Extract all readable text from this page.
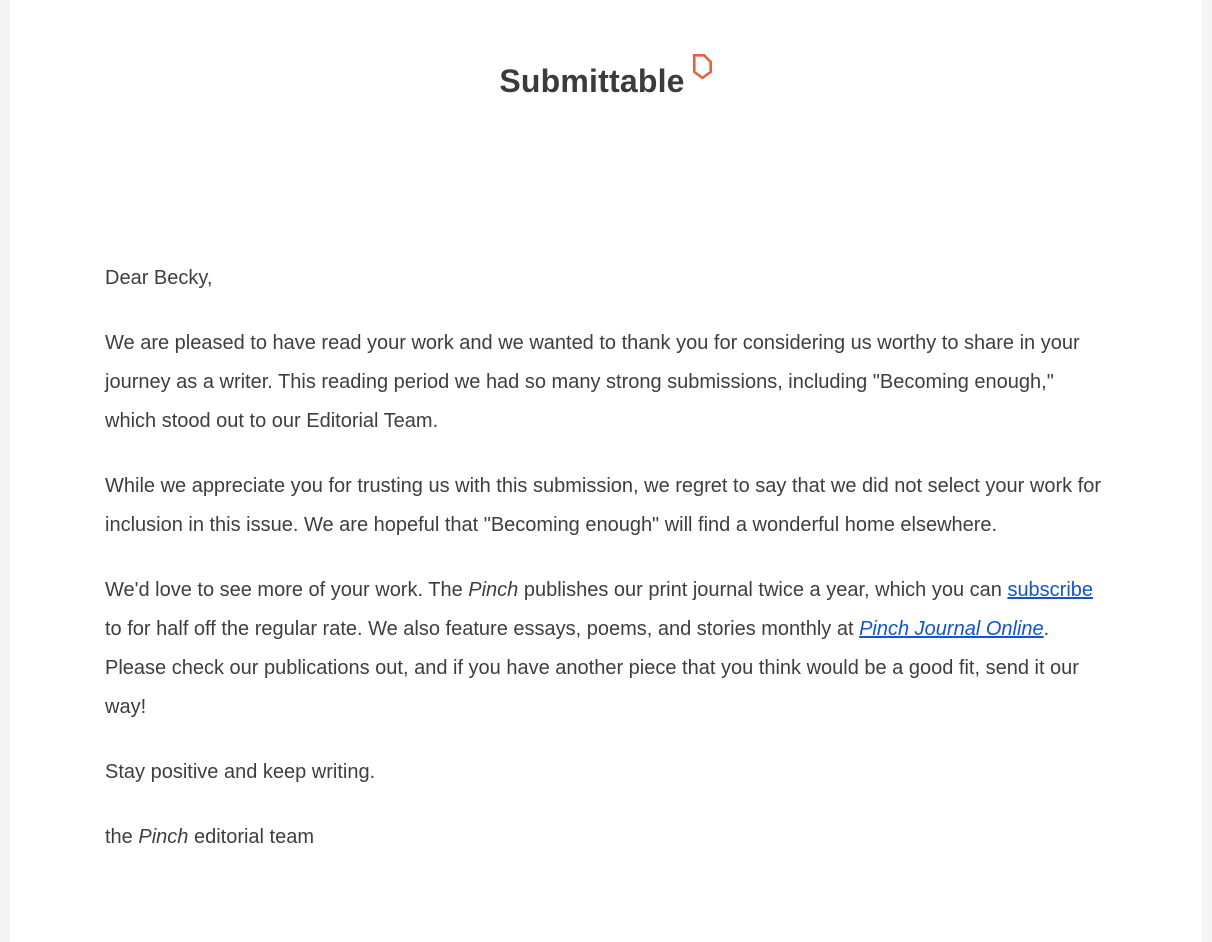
Submittable

Dear Becky,

We are pleased to have read your work and we wanted to thank you for considering us worthy to share in your journey as a writer. This reading period we had so many strong submissions, including "Becoming enough," which stood out to our Editorial Team.

While we appreciate you for trusting us with this submission, we regret to say that we did not select your work for inclusion in this issue. We are hopeful that "Becoming enough" will find a wonderful home elsewhere.

We'd love to see more of your work. The Pinch publishes our print journal twice a year, which you can subscribe to for half off the regular rate. We also feature essays, poems, and stories monthly at Pinch Journal Online. Please check our publications out, and if you have another piece that you think would be a good fit, send it our way!

Stay positive and keep writing.

the Pinch editorial team
